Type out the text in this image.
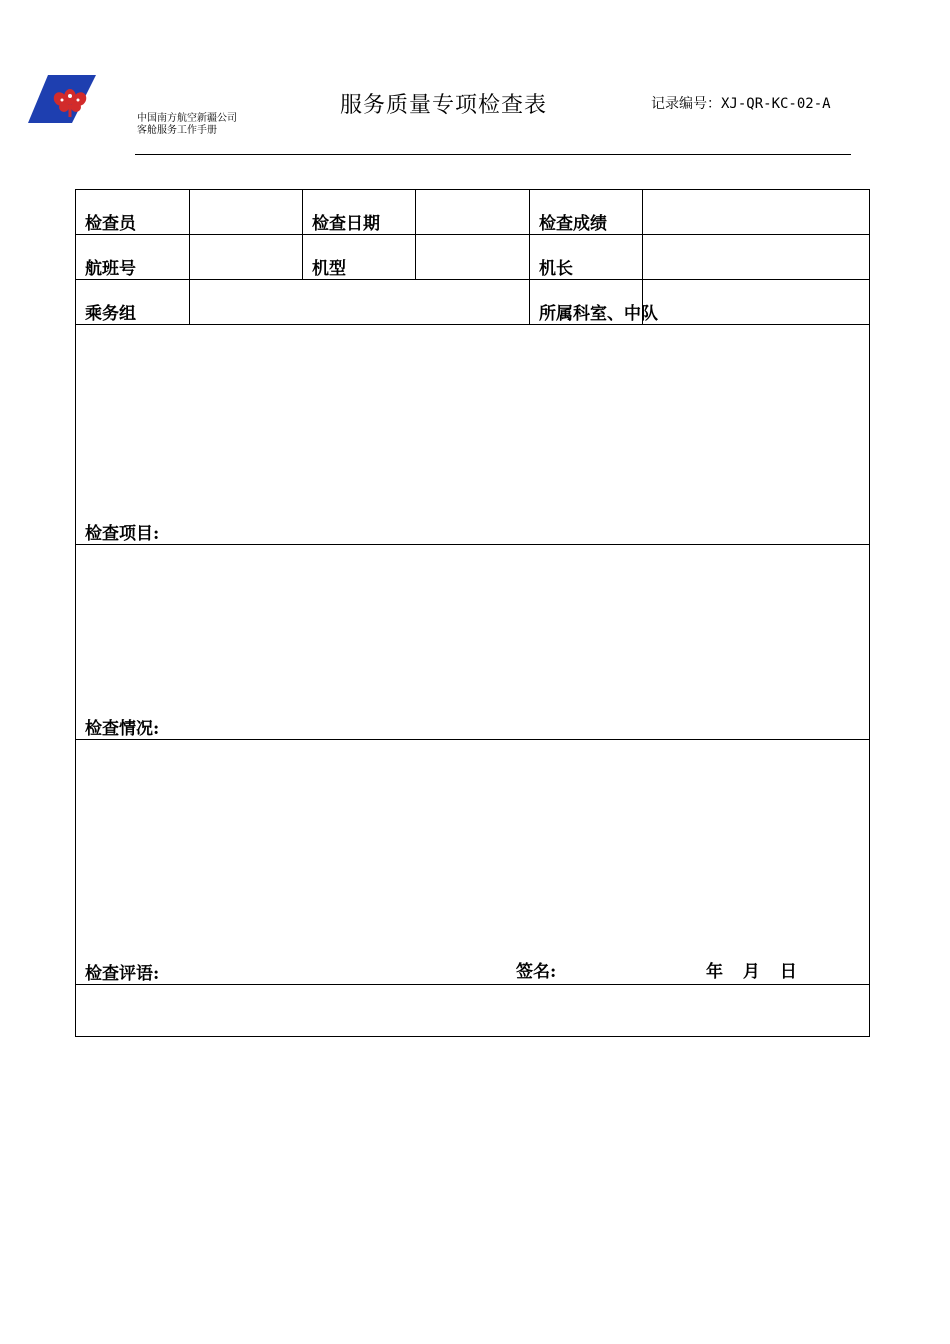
中国南方航空新疆公司
客舱服务工作手册
服务质量专项检查表	记录编号：XJ-QR-KC-02-A
检查员		检查日期		检查成绩	
航班号		机型		机长	
乘务组				所属科室、中队	
检查项目:					
检查情况:					
检查评语: 签名: 年 月 日					
